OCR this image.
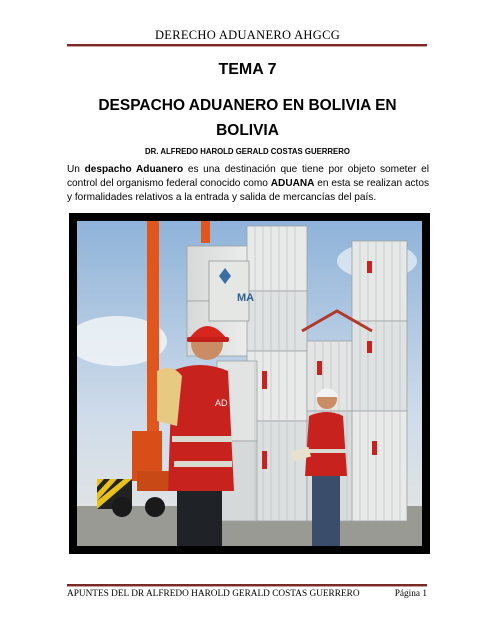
DERECHO ADUANERO AHGCG
TEMA 7
DESPACHO ADUANERO EN BOLIVIA EN
BOLIVIA
DR. ALFREDO HAROLD GERALD COSTAS GUERRERO
Un despacho Aduanero es una destinación que tiene por objeto someter el control del organismo federal conocido como ADUANA en esta se realizan actos y formalidades relativos a la entrada y salida de mercancías del país.
MA
AD
APUNTES DEL DR ALFREDO HAROLD GERALD COSTAS GUERRERO	Página 1
